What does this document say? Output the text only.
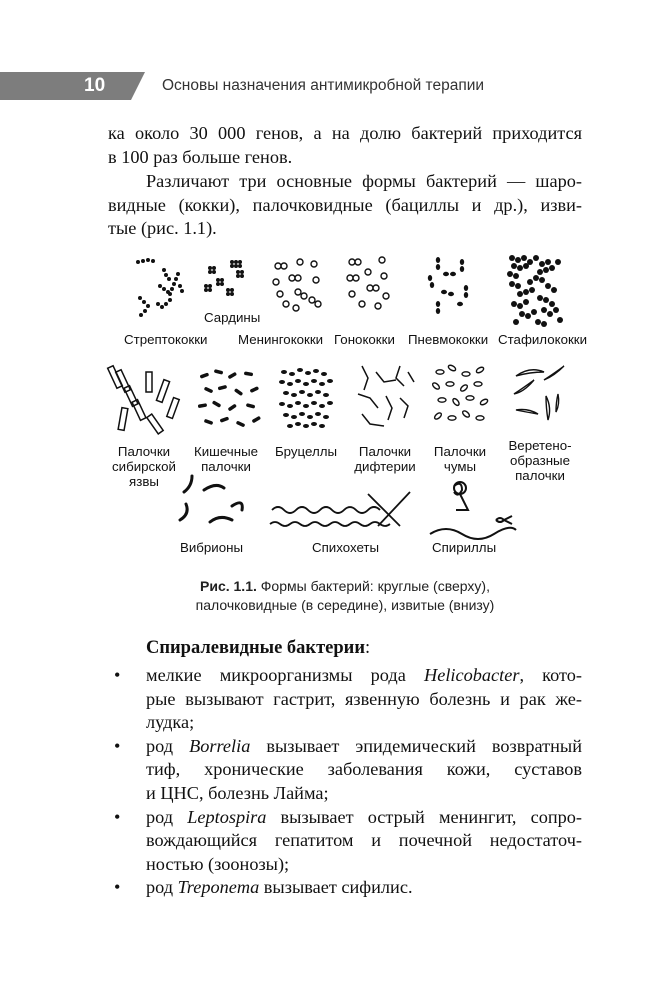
10	Основы назначения антимикробной терапии
ка около 30 000 генов, а на долю бактерий приходится
в 100 раз больше генов.
Различают три основные формы бактерий — шаро-
видные (кокки), палочковидные (бациллы и др.), изви-
тые (рис. 1.1).
Стрептококки
Сардины
Менингококки Гонококки Пневмококки Стафилококки
Палочки
сибирской
язвы
Кишечные
палочки
Бруцеллы	Палочки
дифтерии
Палочки
чумы
Веретено-
образные
палочки
Вибрионы	Спихохеты	Спириллы
Рис. 1.1. Формы бактерий: круглые (сверху),
палочковидные (в середине), извитые (внизу)
Спиралевидные бактерии:
• мелкие микроорганизмы рода Helicobacter, кото-
рые вызывают гастрит, язвенную болезнь и рак же-
лудка;
• род Borrelia вызывает эпидемический возвратный
тиф, хронические заболевания кожи, суставов
и ЦНС, болезнь Лайма;
• род Leptospira вызывает острый менингит, сопро-
вождающийся гепатитом и почечной недостаточ-
ностью (зоонозы);
• род Treponema вызывает сифилис.
